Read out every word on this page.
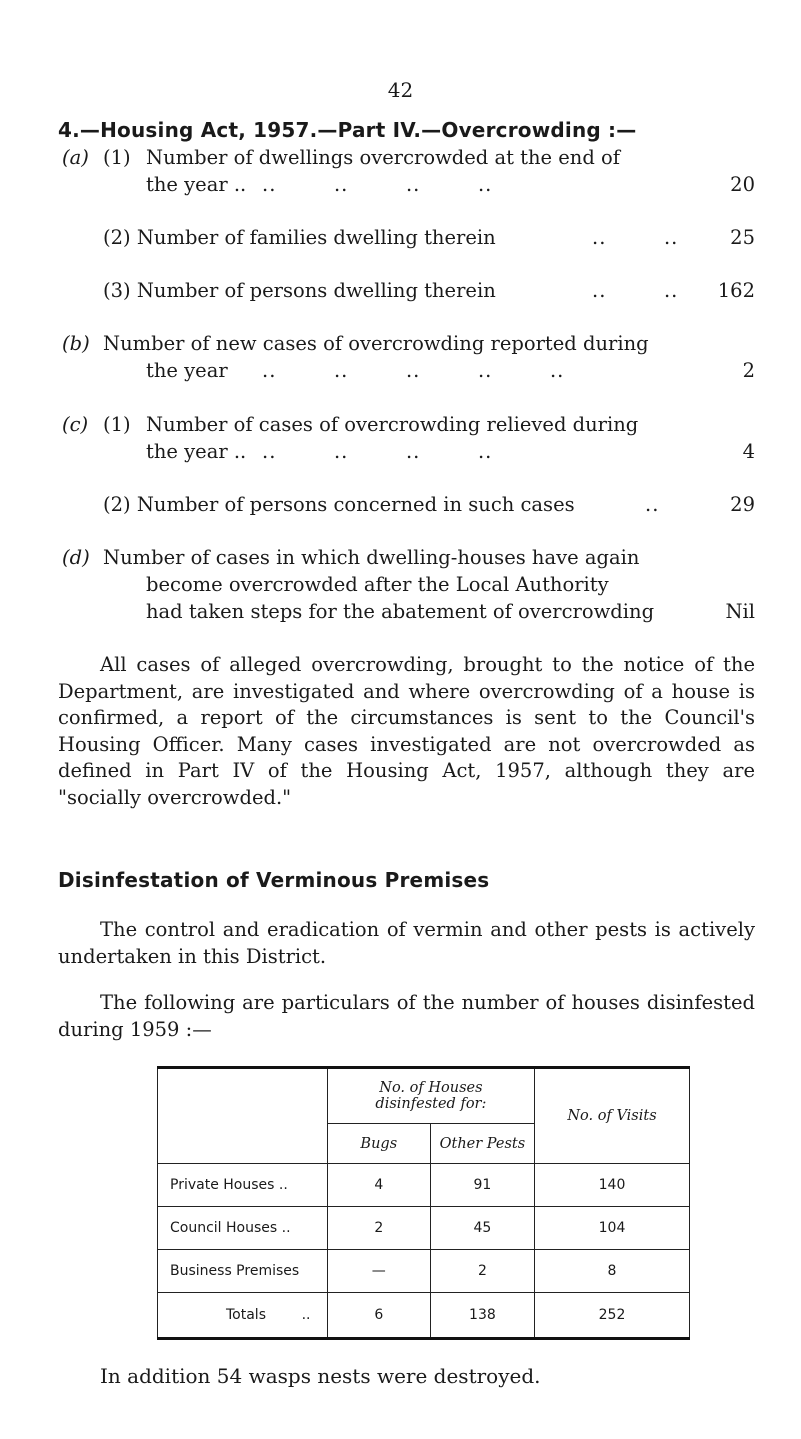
42
4.—Housing Act, 1957.—Part IV.—Overcrowding :—
(a) (1) Number of dwellings overcrowded at the end of
the year .. ..        ..        ..        ..	20
(2) Number of families dwelling therein	..        ..	25
(3) Number of persons dwelling therein	..        .. 162
(b) Number of new cases of overcrowding reported during
the year ..        ..        ..        ..        ..	2
(c) (1) Number of cases of overcrowding relieved during
the year .. ..        ..        ..        ..	4
(2) Number of persons concerned in such cases	..	29
(d) Number of cases in which dwelling-houses have again
become overcrowded after the Local Authority
had taken steps for the abatement of overcrowding	Nil
All cases of alleged overcrowding, brought to the notice of the Department, are investigated and where overcrowding of a house is confirmed, a report of the circumstances is sent to the Council's Housing Officer. Many cases investigated are not overcrowded as defined in Part IV of the Housing Act, 1957, although they are "socially overcrowded."
Disinfestation of Verminous Premises
The control and eradication of vermin and other pests is actively undertaken in this District.
The following are particulars of the number of houses disinfested during 1959 :—
	No. of Houses disinfested for:		No. of Visits
	Bugs	Other Pests	
Private Houses ..	4	91	140
Council Houses ..	2	45	104
Business Premises	—	2	8
Totals ..	6	138	252
In addition 54 wasps nests were destroyed.
